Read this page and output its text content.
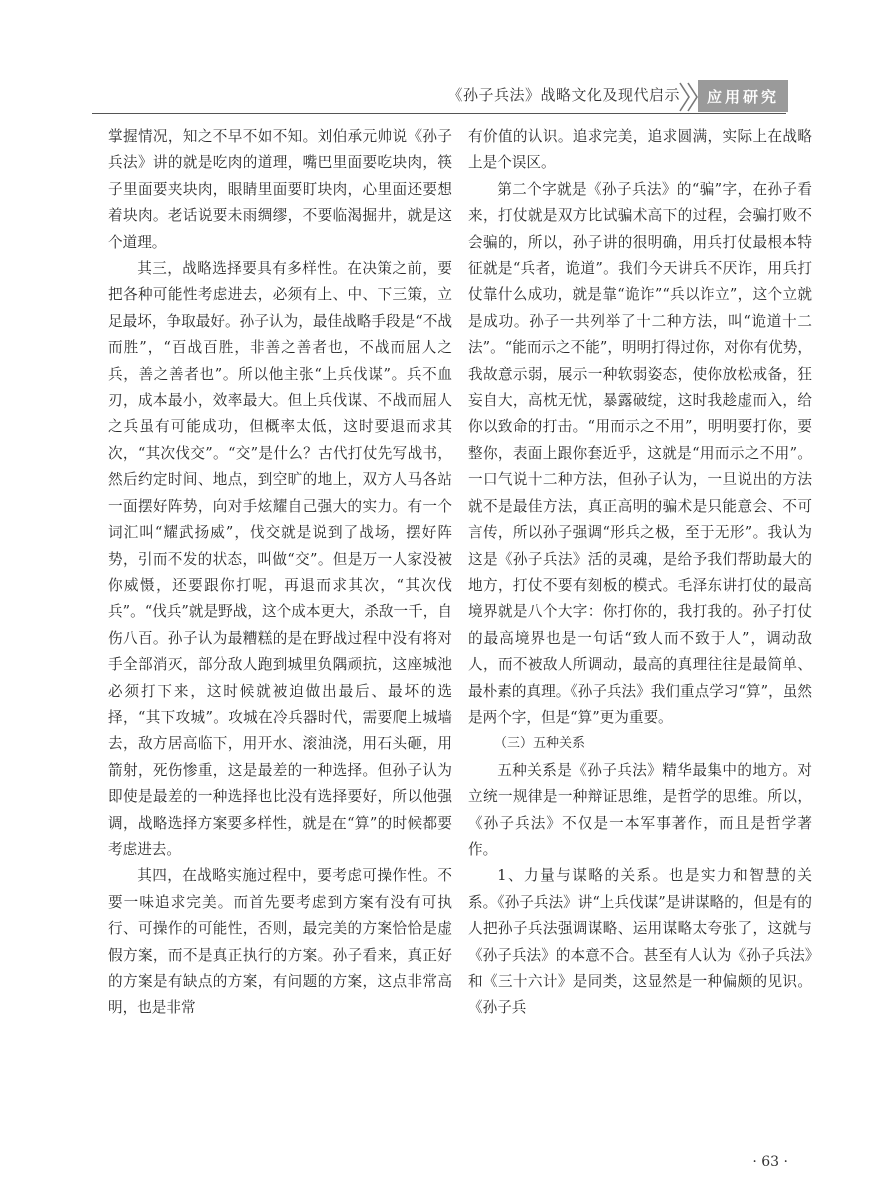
《孙子兵法》战略文化及现代启示	应用研究

掌握情况，知之不早不如不知。刘伯承元帅说《孙子兵法》讲的就是吃肉的道理，嘴巴里面要吃块肉，筷子里面要夹块肉，眼睛里面要盯块肉，心里面还要想着块肉。老话说要未雨绸缪，不要临渴掘井，就是这个道理。

其三，战略选择要具有多样性。在决策之前，要把各种可能性考虑进去，必须有上、中、下三策，立足最坏，争取最好。孙子认为，最佳战略手段是“不战而胜”，“百战百胜，非善之善者也，不战而屈人之兵，善之善者也”。所以他主张“上兵伐谋”。兵不血刃，成本最小，效率最大。但上兵伐谋、不战而屈人之兵虽有可能成功，但概率太低，这时要退而求其次，“其次伐交”。“交”是什么？古代打仗先写战书，然后约定时间、地点，到空旷的地上，双方人马各站一面摆好阵势，向对手炫耀自己强大的实力。有一个词汇叫“耀武扬威”，伐交就是说到了战场，摆好阵势，引而不发的状态，叫做“交”。但是万一人家没被你威慑，还要跟你打呢，再退而求其次，“其次伐兵”。“伐兵”就是野战，这个成本更大，杀敌一千，自伤八百。孙子认为最糟糕的是在野战过程中没有将对手全部消灭，部分敌人跑到城里负隅顽抗，这座城池必须打下来，这时候就被迫做出最后、最坏的选择，“其下攻城”。攻城在冷兵器时代，需要爬上城墙去，敌方居高临下，用开水、滚油浇，用石头砸，用箭射，死伤惨重，这是最差的一种选择。但孙子认为即使是最差的一种选择也比没有选择要好，所以他强调，战略选择方案要多样性，就是在“算”的时候都要考虑进去。

其四，在战略实施过程中，要考虑可操作性。不要一味追求完美。而首先要考虑到方案有没有可执行、可操作的可能性，否则，最完美的方案恰恰是虚假方案，而不是真正执行的方案。孙子看来，真正好的方案是有缺点的方案，有问题的方案，这点非常高明，也是非常

有价值的认识。追求完美，追求圆满，实际上在战略上是个误区。

第二个字就是《孙子兵法》的“骗”字，在孙子看来，打仗就是双方比试骗术高下的过程，会骗打败不会骗的，所以，孙子讲的很明确，用兵打仗最根本特征就是“兵者，诡道”。我们今天讲兵不厌诈，用兵打仗靠什么成功，就是靠“诡诈”“兵以诈立”，这个立就是成功。孙子一共列举了十二种方法，叫“诡道十二法”。“能而示之不能”，明明打得过你，对你有优势，我故意示弱，展示一种软弱姿态，使你放松戒备，狂妄自大，高枕无忧，暴露破绽，这时我趁虚而入，给你以致命的打击。“用而示之不用”，明明要打你，要整你，表面上跟你套近乎，这就是“用而示之不用”。一口气说十二种方法，但孙子认为，一旦说出的方法就不是最佳方法，真正高明的骗术是只能意会、不可言传，所以孙子强调“形兵之极，至于无形”。我认为这是《孙子兵法》活的灵魂，是给予我们帮助最大的地方，打仗不要有刻板的模式。毛泽东讲打仗的最高境界就是八个大字：你打你的，我打我的。孙子打仗的最高境界也是一句话“致人而不致于人”，调动敌人，而不被敌人所调动，最高的真理往往是最简单、最朴素的真理。《孙子兵法》我们重点学习“算”，虽然是两个字，但是“算”更为重要。

（三）五种关系

五种关系是《孙子兵法》精华最集中的地方。对立统一规律是一种辩证思维，是哲学的思维。所以，《孙子兵法》不仅是一本军事著作，而且是哲学著作。

1、力量与谋略的关系。也是实力和智慧的关系。《孙子兵法》讲“上兵伐谋”是讲谋略的，但是有的人把孙子兵法强调谋略、运用谋略太夸张了，这就与《孙子兵法》的本意不合。甚至有人认为《孙子兵法》和《三十六计》是同类，这显然是一种偏颇的见识。《孙子兵

· 63 ·
